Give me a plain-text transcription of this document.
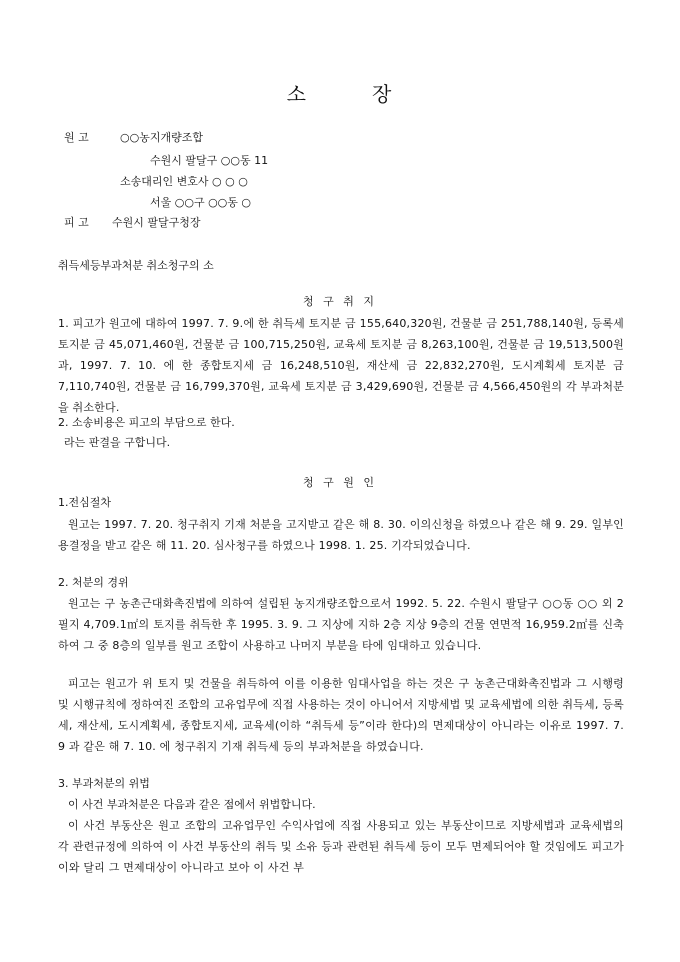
소	장
원 고	○○농지개량조합
수원시 팔달구 ○○동 11
소송대리인 변호사 ○ ○ ○
서울 ○○구 ○○동 ○
피 고 수원시 팔달구청장
취득세등부과처분 취소청구의 소
청 구 취 지
1. 피고가 원고에 대하여 1997. 7. 9.에 한 취득세 토지분 금 155,640,320원, 건물분 금 251,788,140원, 등록세토지분 금 45,071,460원, 건물분 금 100,715,250원, 교육세 토지분 금 8,263,100원, 건물분 금 19,513,500원과, 1997. 7. 10. 에 한 종합토지세 금 16,248,510원, 재산세 금 22,832,270원, 도시계획세 토지분 금 7,110,740원, 건물분 금 16,799,370원, 교육세 토지분 금 3,429,690원, 건물분 금 4,566,450원의 각 부과처분을 취소한다.
2. 소송비용은 피고의 부담으로 한다.
라는 판결을 구합니다.
청 구 원 인
1.전심절차
원고는 1997. 7. 20. 청구취지 기재 처분을 고지받고 같은 해 8. 30. 이의신청을 하였으나 같은 해 9. 29. 일부인용결정을 받고 같은 해 11. 20. 심사청구를 하였으나 1998. 1. 25. 기각되었습니다.
2. 처분의 경위
원고는 구 농촌근대화촉진법에 의하여 설립된 농지개량조합으로서 1992. 5. 22. 수원시 팔달구 ○○동 ○○ 외 2필지 4,709.1㎡의 토지를 취득한 후 1995. 3. 9. 그 지상에 지하 2층 지상 9층의 건물 연면적 16,959.2㎡를 신축하여 그 중 8층의 일부를 원고 조합이 사용하고 나머지 부분을 타에 임대하고 있습니다.
피고는 원고가 위 토지 및 건물을 취득하여 이를 이용한 임대사업을 하는 것은 구 농촌근대화촉진법과 그 시행령 및 시행규칙에 정하여진 조합의 고유업무에 직접 사용하는 것이 아니어서 지방세법 및 교육세법에 의한 취득세, 등록세, 재산세, 도시계획세, 종합토지세, 교육세(이하 “취득세 등”이라 한다)의 면제대상이 아니라는 이유로 1997. 7. 9 과 같은 해 7. 10. 에 청구취지 기재 취득세 등의 부과처분을 하였습니다.
3. 부과처분의 위법
이 사건 부과처분은 다음과 같은 점에서 위법합니다.
이 사건 부동산은 원고 조합의 고유업무인 수익사업에 직접 사용되고 있는 부동산이므로 지방세법과 교육세법의 각 관련규정에 의하여 이 사건 부동산의 취득 및 소유 등과 관련된 취득세 등이 모두 면제되어야 할 것임에도 피고가 이와 달리 그 면제대상이 아니라고 보아 이 사건 부
